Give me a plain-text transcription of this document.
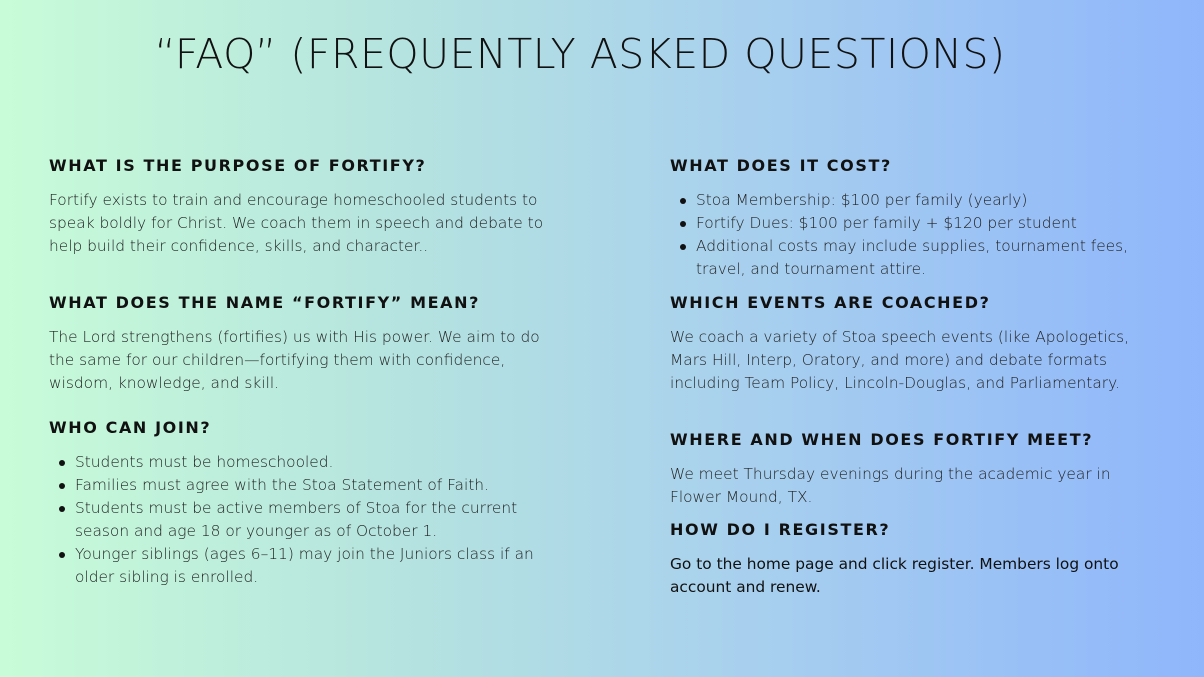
“FAQ” (FREQUENTLY ASKED QUESTIONS)
WHAT IS THE PURPOSE OF FORTIFY?

Fortify exists to train and encourage homeschooled students to speak boldly for Christ. We coach them in speech and debate to help build their confidence, skills, and character..

WHAT DOES THE NAME “FORTIFY” MEAN?

The Lord strengthens (fortifies) us with His power. We aim to do the same for our children—fortifying them with confidence, wisdom, knowledge, and skill.

WHO CAN JOIN?
Students must be homeschooled.
Families must agree with the Stoa Statement of Faith.
Students must be active members of Stoa for the current season and age 18 or younger as of October 1.
Younger siblings (ages 6–11) may join the Juniors class if an older sibling is enrolled.
WHAT DOES IT COST?
Stoa Membership: $100 per family (yearly)
Fortify Dues: $100 per family + $120 per student
Additional costs may include supplies, tournament fees, travel, and tournament attire.
WHICH EVENTS ARE COACHED?

We coach a variety of Stoa speech events (like Apologetics, Mars Hill, Interp, Oratory, and more) and debate formats including Team Policy, Lincoln-Douglas, and Parliamentary.

WHERE AND WHEN DOES FORTIFY MEET?

We meet Thursday evenings during the academic year in Flower Mound, TX.

HOW DO I REGISTER?

Go to the home page and click register. Members log onto account and renew.
